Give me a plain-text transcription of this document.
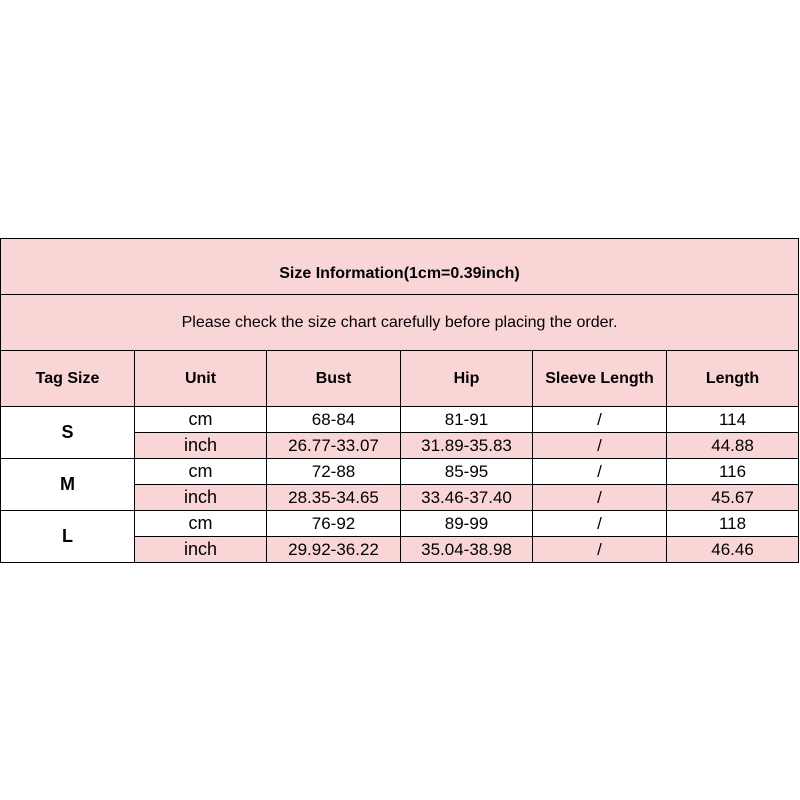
Size Information(1cm=0.39inch)					
Please check the size chart carefully before placing the order.					
Tag Size	Unit	Bust	Hip	Sleeve Length	Length
S	cm	68-84	81-91	/	114
	inch	26.77-33.07	31.89-35.83	/	44.88
M	cm	72-88	85-95	/	116
	inch	28.35-34.65	33.46-37.40	/	45.67
L	cm	76-92	89-99	/	118
	inch	29.92-36.22	35.04-38.98	/	46.46
